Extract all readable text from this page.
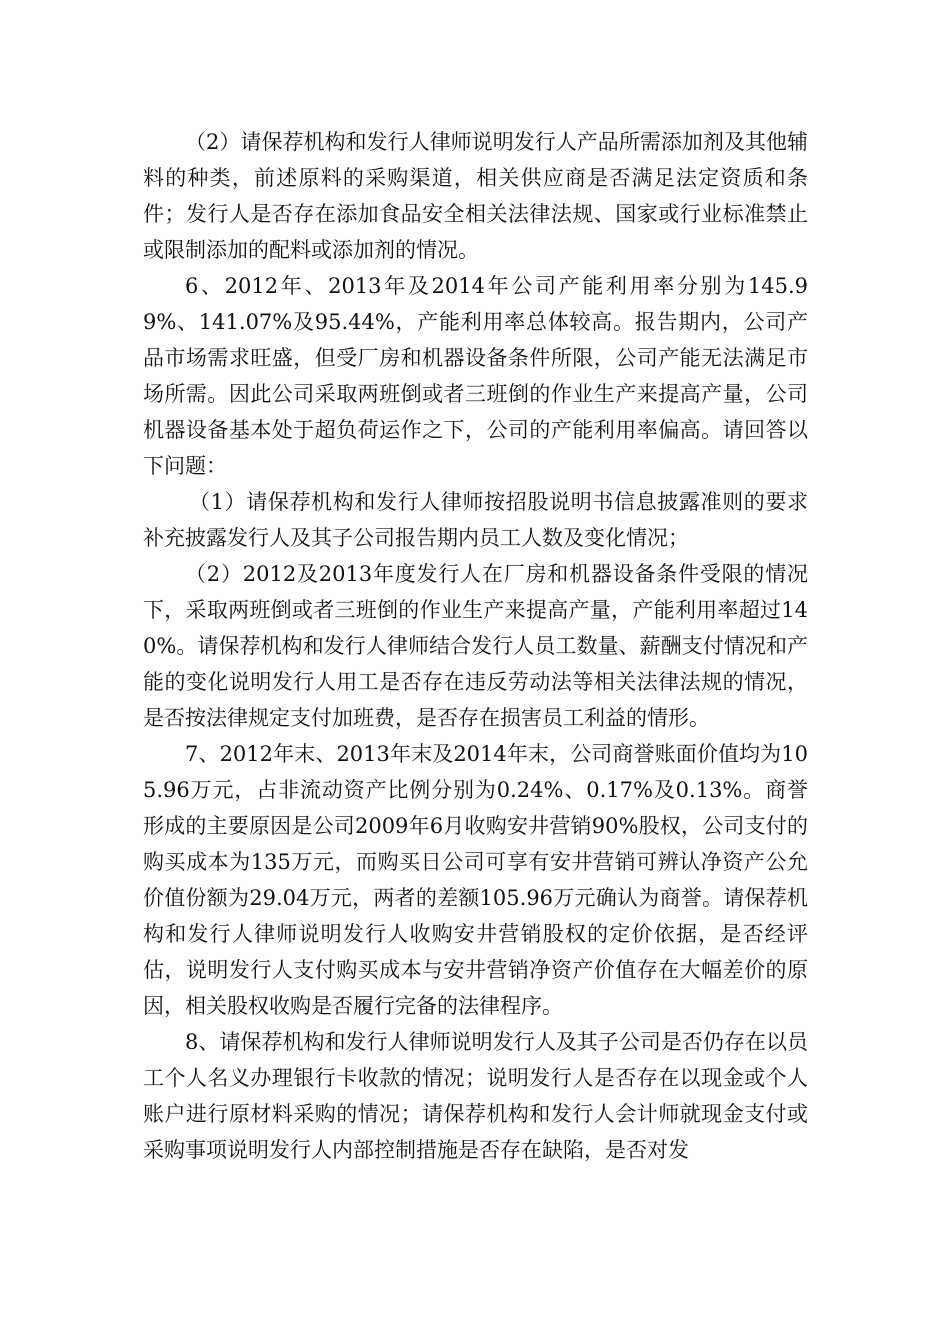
（2）请保荐机构和发行人律师说明发行人产品所需添加剂及其他辅料的种类，前述原料的采购渠道，相关供应商是否满足法定资质和条件；发行人是否存在添加食品安全相关法律法规、国家或行业标准禁止或限制添加的配料或添加剂的情况。

6、2012年、2013年及2014年公司产能利用率分别为145.99%、141.07%及95.44%，产能利用率总体较高。报告期内，公司产品市场需求旺盛，但受厂房和机器设备条件所限，公司产能无法满足市场所需。因此公司采取两班倒或者三班倒的作业生产来提高产量，公司机器设备基本处于超负荷运作之下，公司的产能利用率偏高。请回答以下问题：

（1）请保荐机构和发行人律师按招股说明书信息披露准则的要求补充披露发行人及其子公司报告期内员工人数及变化情况；

（2）2012及2013年度发行人在厂房和机器设备条件受限的情况下，采取两班倒或者三班倒的作业生产来提高产量，产能利用率超过140%。请保荐机构和发行人律师结合发行人员工数量、薪酬支付情况和产能的变化说明发行人用工是否存在违反劳动法等相关法律法规的情况，是否按法律规定支付加班费，是否存在损害员工利益的情形。

7、2012年末、2013年末及2014年末，公司商誉账面价值均为105.96万元，占非流动资产比例分别为0.24%、0.17%及0.13%。商誉形成的主要原因是公司2009年6月收购安井营销90%股权，公司支付的购买成本为135万元，而购买日公司可享有安井营销可辨认净资产公允价值份额为29.04万元，两者的差额105.96万元确认为商誉。请保荐机构和发行人律师说明发行人收购安井营销股权的定价依据，是否经评估，说明发行人支付购买成本与安井营销净资产价值存在大幅差价的原因，相关股权收购是否履行完备的法律程序。

8、请保荐机构和发行人律师说明发行人及其子公司是否仍存在以员工个人名义办理银行卡收款的情况；说明发行人是否存在以现金或个人账户进行原材料采购的情况；请保荐机构和发行人会计师就现金支付或采购事项说明发行人内部控制措施是否存在缺陷，是否对发
